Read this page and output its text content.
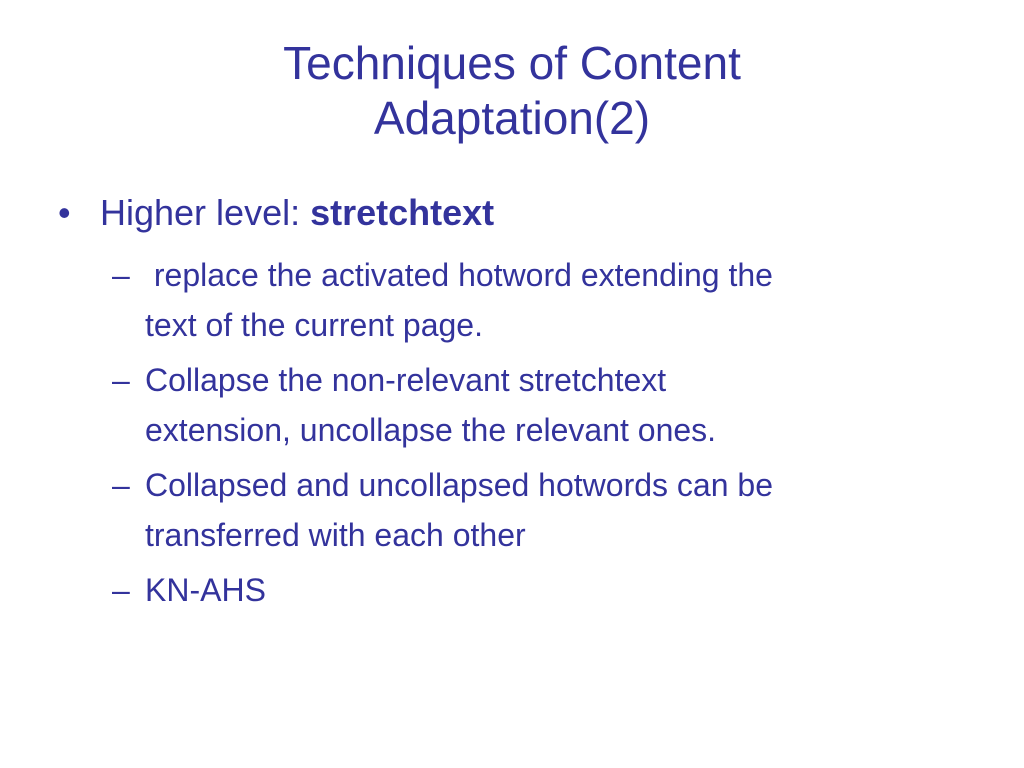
Techniques of Content
Adaptation(2)
• Higher level: stretchtext
– replace the activated hotword extending the
text of the current page.
– Collapse the non-relevant stretchtext
extension, uncollapse the relevant ones.
– Collapsed and uncollapsed hotwords can be
transferred with each other
– KN-AHS
